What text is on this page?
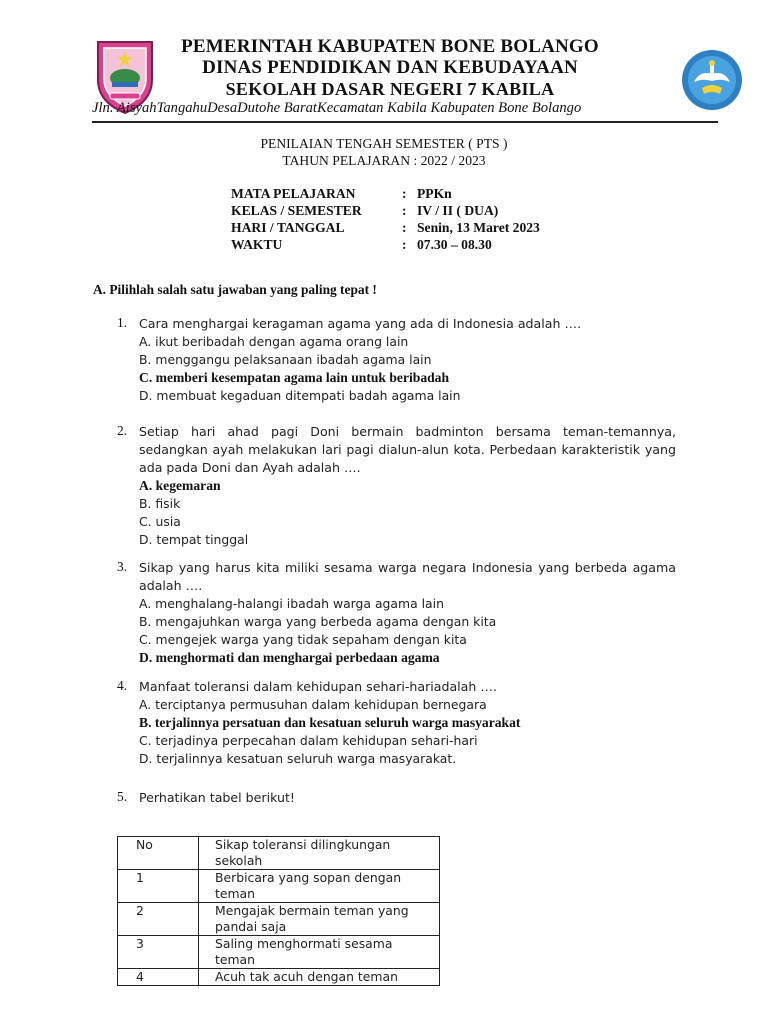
PEMERINTAH KABUPATEN BONE BOLANGO
DINAS PENDIDIKAN DAN KEBUDAYAAN
SEKOLAH DASAR NEGERI 7 KABILA
Jln. AisyahTangahuDesaDutohe BaratKecamatan Kabila Kabupaten Bone Bolango
PENILAIAN TENGAH SEMESTER ( PTS )
TAHUN PELAJARAN : 2022 / 2023
MATA PELAJARAN	: PPKn
KELAS / SEMESTER	: IV / II ( DUA)
HARI / TANGGAL	: Senin, 13 Maret 2023
WAKTU	: 07.30 – 08.30
A. Pilihlah salah satu jawaban yang paling tepat !
1. Cara menghargai keragaman agama yang ada di Indonesia adalah ….
A. ikut beribadah dengan agama orang lain
B. menggangu pelaksanaan ibadah agama lain
C. memberi kesempatan agama lain untuk beribadah
D. membuat kegaduan ditempati badah agama lain
2. Setiap hari ahad pagi Doni bermain badminton bersama teman-temannya, sedangkan ayah melakukan lari pagi dialun-alun kota. Perbedaan karakteristik yang ada pada Doni dan Ayah adalah ….
A. kegemaran
B. fisik
C. usia
D. tempat tinggal
3. Sikap yang harus kita miliki sesama warga negara Indonesia yang berbeda agama adalah ….
A. menghalang-halangi ibadah warga agama lain
B. mengajuhkan warga yang berbeda agama dengan kita
C. mengejek warga yang tidak sepaham dengan kita
D. menghormati dan menghargai perbedaan agama
4. Manfaat toleransi dalam kehidupan sehari-hariadalah ….
A. terciptanya permusuhan dalam kehidupan bernegara
B. terjalinnya persatuan dan kesatuan seluruh warga masyarakat
C. terjadinya perpecahan dalam kehidupan sehari-hari
D. terjalinnya kesatuan seluruh warga masyarakat.
5. Perhatikan tabel berikut!
No	Sikap toleransi dilingkungan sekolah
1	Berbicara yang sopan dengan teman
2	Mengajak bermain teman yang pandai saja
3	Saling menghormati sesama teman
4	Acuh tak acuh dengan teman
